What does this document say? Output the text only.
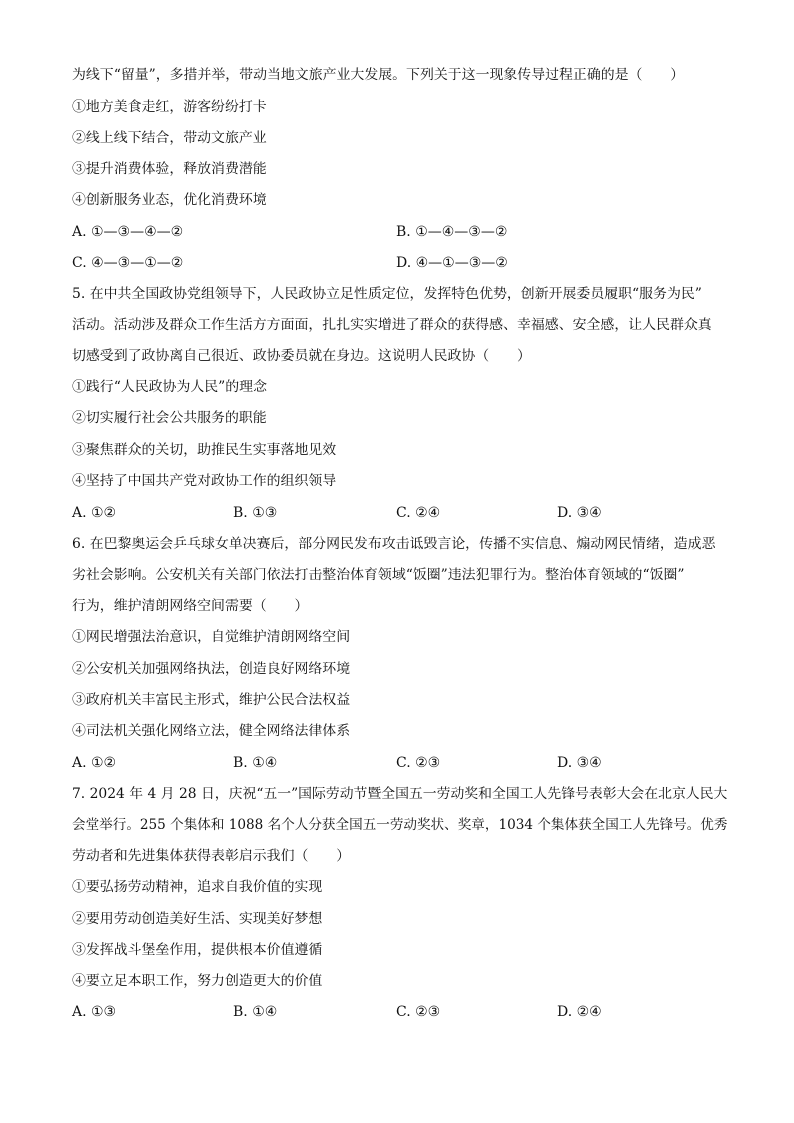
为线下“留量”，多措并举，带动当地文旅产业大发展。下列关于这一现象传导过程正确的是（　　）
①地方美食走红，游客纷纷打卡
②线上线下结合，带动文旅产业
③提升消费体验，释放消费潜能
④创新服务业态，优化消费环境
A. ①—③—④—②	B. ①—④—③—②
C. ④—③—①—②	D. ④—①—③—②
5. 在中共全国政协党组领导下，人民政协立足性质定位，发挥特色优势，创新开展委员履职“服务为民”
活动。活动涉及群众工作生活方方面面，扎扎实实增进了群众的获得感、幸福感、安全感，让人民群众真
切感受到了政协离自己很近、政协委员就在身边。这说明人民政协（　　）
①践行“人民政协为人民”的理念
②切实履行社会公共服务的职能
③聚焦群众的关切，助推民生实事落地见效
④坚持了中国共产党对政协工作的组织领导
A. ①②	B. ①③	C. ②④	D. ③④
6. 在巴黎奥运会乒乓球女单决赛后，部分网民发布攻击诋毁言论，传播不实信息、煽动网民情绪，造成恶
劣社会影响。公安机关有关部门依法打击整治体育领域“饭圈”违法犯罪行为。整治体育领域的“饭圈”
行为，维护清朗网络空间需要（　　）
①网民增强法治意识，自觉维护清朗网络空间
②公安机关加强网络执法，创造良好网络环境
③政府机关丰富民主形式，维护公民合法权益
④司法机关强化网络立法，健全网络法律体系
A. ①②	B. ①④	C. ②③	D. ③④
7. 2024 年 4 月 28 日，庆祝“五一”国际劳动节暨全国五一劳动奖和全国工人先锋号表彰大会在北京人民大
会堂举行。255 个集体和 1088 名个人分获全国五一劳动奖状、奖章，1034 个集体获全国工人先锋号。优秀
劳动者和先进集体获得表彰启示我们（　　）
①要弘扬劳动精神，追求自我价值的实现
②要用劳动创造美好生活、实现美好梦想
③发挥战斗堡垒作用，提供根本价值遵循
④要立足本职工作，努力创造更大的价值
A. ①③	B. ①④	C. ②③	D. ②④
